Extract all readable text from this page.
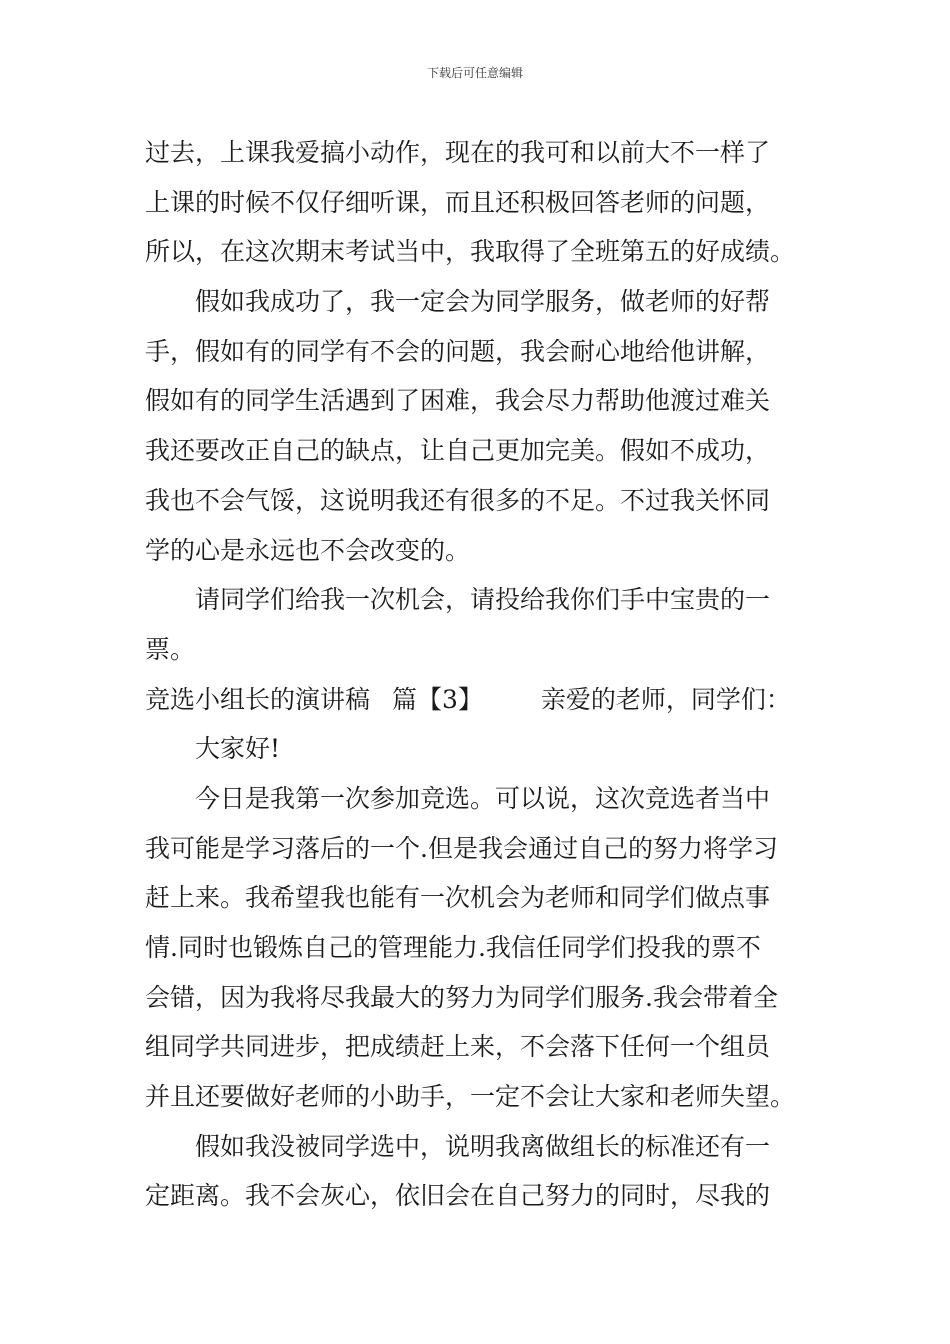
下载后可任意编辑
过去，上课我爱搞小动作，现在的我可和以前大不一样了
上课的时候不仅仔细听课，而且还积极回答老师的问题，
所以，在这次期末考试当中，我取得了全班第五的好成绩。
假如我成功了，我一定会为同学服务，做老师的好帮
手，假如有的同学有不会的问题，我会耐心地给他讲解，
假如有的同学生活遇到了困难，我会尽力帮助他渡过难关
我还要改正自己的缺点，让自己更加完美。假如不成功，
我也不会气馁，这说明我还有很多的不足。不过我关怀同
学的心是永远也不会改变的。
请同学们给我一次机会，请投给我你们手中宝贵的一
票。
竞选小组长的演讲稿 篇【3】 亲爱的老师，同学们：
大家好!
今日是我第一次参加竞选。可以说，这次竞选者当中
我可能是学习落后的一个.但是我会通过自己的努力将学习
赶上来。我希望我也能有一次机会为老师和同学们做点事
情.同时也锻炼自己的管理能力.我信任同学们投我的票不
会错，因为我将尽我最大的努力为同学们服务.我会带着全
组同学共同进步，把成绩赶上来，不会落下任何一个组员
并且还要做好老师的小助手，一定不会让大家和老师失望。
假如我没被同学选中，说明我离做组长的标准还有一
定距离。我不会灰心，依旧会在自己努力的同时，尽我的
